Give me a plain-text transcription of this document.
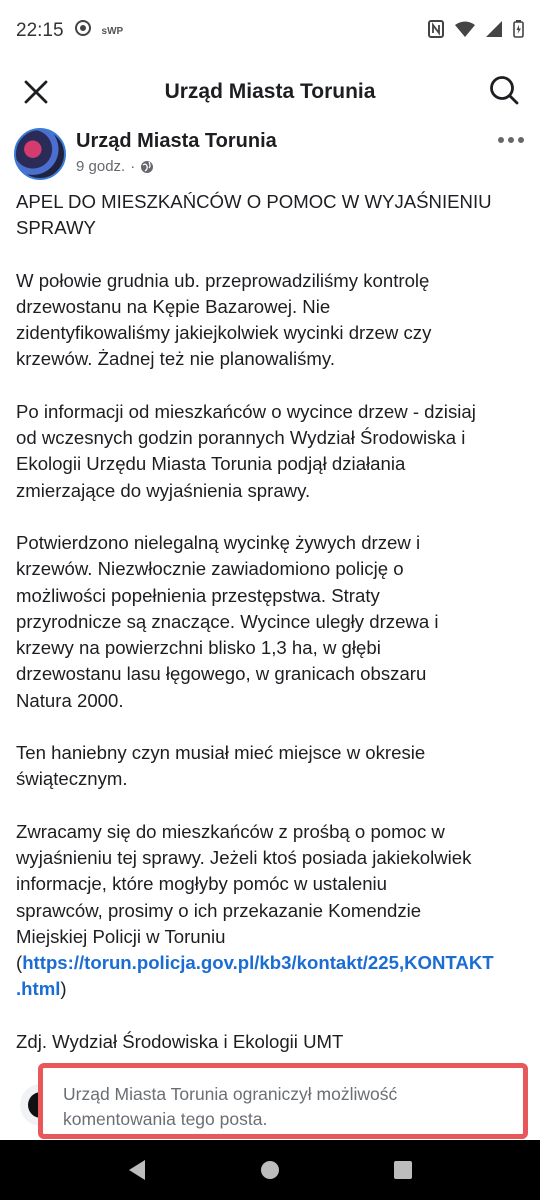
22:15	sWP
Urząd Miasta Torunia
Urząd Miasta Torunia
9 godz. ·

APEL DO MIESZKAŃCÓW O POMOC W WYJAŚNIENIU
SPRAWY

W połowie grudnia ub. przeprowadziliśmy kontrolę
drzewostanu na Kępie Bazarowej. Nie
zidentyfikowaliśmy jakiejkolwiek wycinki drzew czy
krzewów. Żadnej też nie planowaliśmy.

Po informacji od mieszkańców o wycince drzew - dzisiaj
od wczesnych godzin porannych Wydział Środowiska i
Ekologii Urzędu Miasta Torunia podjął działania
zmierzające do wyjaśnienia sprawy.

Potwierdzono nielegalną wycinkę żywych drzew i
krzewów. Niezwłocznie zawiadomiono policję o
możliwości popełnienia przestępstwa. Straty
przyrodnicze są znaczące. Wycince uległy drzewa i
krzewy na powierzchni blisko 1,3 ha, w głębi
drzewostanu lasu łęgowego, w granicach obszaru
Natura 2000.

Ten haniebny czyn musiał mieć miejsce w okresie
świątecznym.

Zwracamy się do mieszkańców z prośbą o pomoc w
wyjaśnieniu tej sprawy. Jeżeli ktoś posiada jakiekolwiek
informacje, które mogłyby pomóc w ustaleniu
sprawców, prosimy o ich przekazanie Komendzie
Miejskiej Policji w Toruniu
(https://torun.policja.gov.pl/kb3/kontakt/225,KONTAKT
.html)

Zdj. Wydział Środowiska i Ekologii UMT

Urząd Miasta Torunia ograniczył możliwość
komentowania tego posta.
